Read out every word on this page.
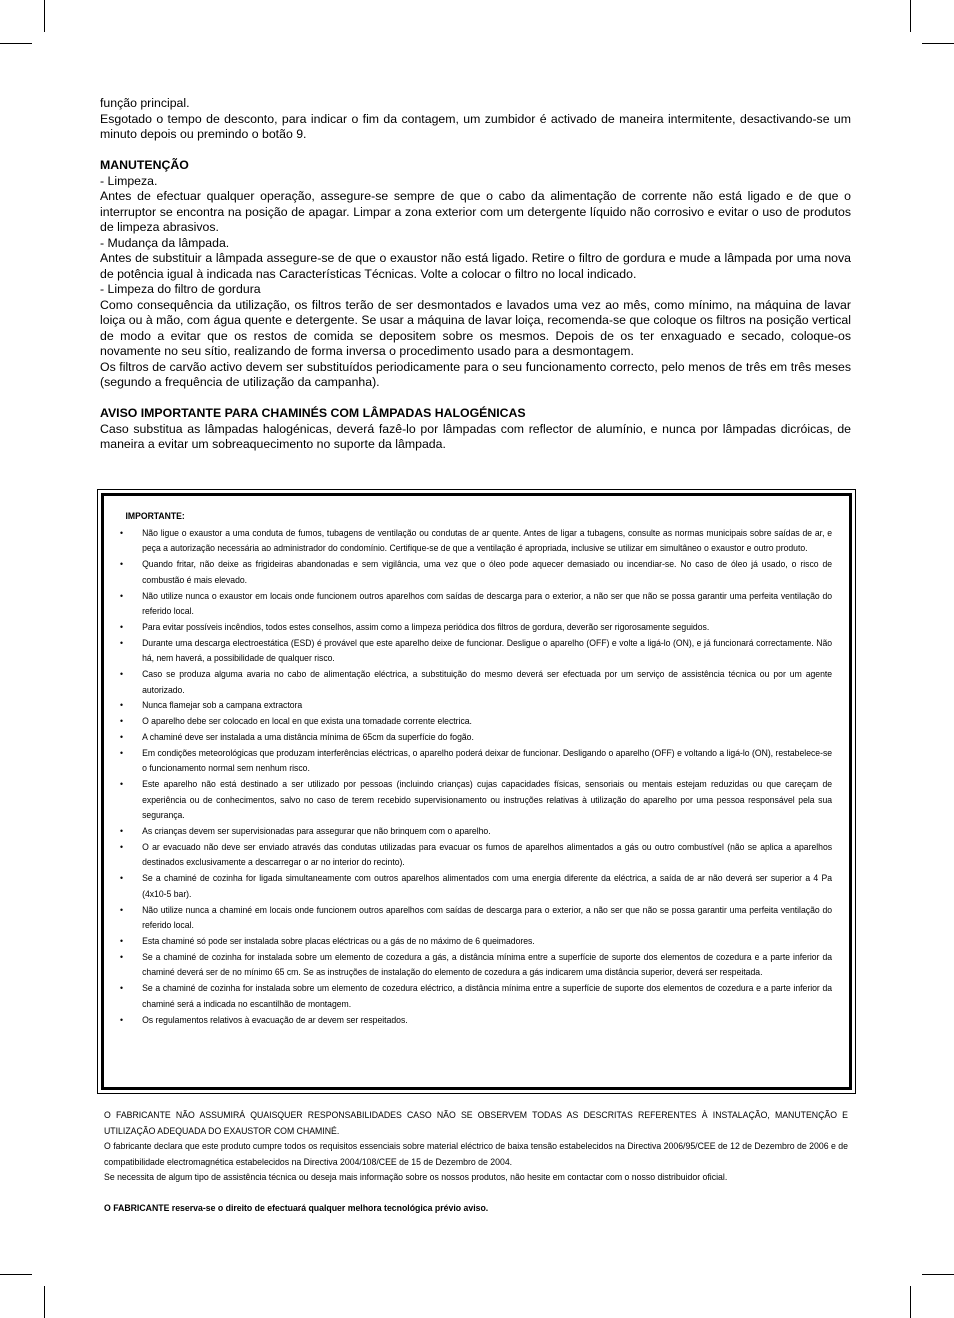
função principal.

Esgotado o tempo de desconto, para indicar o fim da contagem, um zumbidor é activado de maneira intermitente, desactivando-se um minuto depois ou premindo o botão 9.

MANUTENÇÃO

- Limpeza.

Antes de efectuar qualquer operação, assegure-se sempre de que o cabo da alimentação de corrente não está ligado e de que o interruptor se encontra na posição de apagar. Limpar a zona exterior com um detergente líquido não corrosivo e evitar o uso de produtos de limpeza abrasivos.

- Mudança da lâmpada.

Antes de substituir a lâmpada assegure-se de que o exaustor não está ligado. Retire o filtro de gordura e mude a lâmpada por uma nova de potência igual à indicada nas Características Técnicas. Volte a colocar o filtro no local indicado.

- Limpeza do filtro de gordura

Como consequência da utilização, os filtros terão de ser desmontados e lavados uma vez ao mês, como mínimo, na máquina de lavar loiça ou à mão, com água quente e detergente. Se usar a máquina de lavar loiça, recomenda-se que coloque os filtros na posição vertical de modo a evitar que os restos de comida se depositem sobre os mesmos. Depois de os ter enxaguado e secado, coloque-os novamente no seu sítio, realizando de forma inversa o procedimento usado para a desmontagem.

Os filtros de carvão activo devem ser substituídos periodicamente para o seu funcionamento correcto, pelo menos de três em três meses (segundo a frequência de utilização da campanha).

AVISO IMPORTANTE PARA CHAMINÉS COM LÂMPADAS HALOGÉNICAS

Caso substitua as lâmpadas halogénicas, deverá fazê-lo por lâmpadas com reflector de alumínio, e nunca por lâmpadas dicróicas, de maneira a evitar um sobreaquecimento no suporte da lâmpada.

IMPORTANTE:
• Não ligue o exaustor a uma conduta de fumos, tubagens de ventilação ou condutas de ar quente. Antes de ligar a tubagens, consulte as normas municipais sobre saídas de ar, e peça a autorização necessária ao administrador do condomínio. Certifique-se de que a ventilação é apropriada, inclusive se utilizar em simultâneo o exaustor e outro produto.
• Quando fritar, não deixe as frigideiras abandonadas e sem vigilância, uma vez que o óleo pode aquecer demasiado ou incendiar-se. No caso de óleo já usado, o risco de combustão é mais elevado.
• Não utilize nunca o exaustor em locais onde funcionem outros aparelhos com saídas de descarga para o exterior, a não ser que não se possa garantir uma perfeita ventilação do referido local.
• Para evitar possíveis incêndios, todos estes conselhos, assim como a limpeza periódica dos filtros de gordura, deverão ser rigorosamente seguidos.
• Durante uma descarga electroestática (ESD) é provável que este aparelho deixe de funcionar. Desligue o aparelho (OFF) e volte a ligá-lo (ON), e já funcionará correctamente. Não há, nem haverá, a possibilidade de qualquer risco.
• Caso se produza alguma avaria no cabo de alimentação eléctrica, a substituição do mesmo deverá ser efectuada por um serviço de assistência técnica ou por um agente autorizado.
• Nunca flamejar sob a campana extractora
• O aparelho debe ser colocado en local en que exista una tomadade corrente electrica.
• A chaminé deve ser instalada a uma distância mínima de 65cm da superfície do fogão.
• Em condições meteorológicas que produzam interferências eléctricas, o aparelho poderá deixar de funcionar. Desligando o aparelho (OFF) e voltando a ligá-lo (ON), restabelece-se o funcionamento normal sem nenhum risco.
• Este aparelho não está destinado a ser utilizado por pessoas (incluindo crianças) cujas capacidades físicas, sensoriais ou mentais estejam reduzidas ou que careçam de experiência ou de conhecimentos, salvo no caso de terem recebido supervisionamento ou instruções relativas à utilização do aparelho por uma pessoa responsável pela sua segurança.
• As crianças devem ser supervisionadas para assegurar que não brinquem com o aparelho.
• O ar evacuado não deve ser enviado através das condutas utilizadas para evacuar os fumos de aparelhos alimentados a gás ou outro combustível (não se aplica a aparelhos destinados exclusivamente a descarregar o ar no interior do recinto).
• Se a chaminé de cozinha for ligada simultaneamente com outros aparelhos alimentados com uma energia diferente da eléctrica, a saída de ar não deverá ser superior a 4 Pa (4x10-5 bar).
• Não utilize nunca a chaminé em locais onde funcionem outros aparelhos com saídas de descarga para o exterior, a não ser que não se possa garantir uma perfeita ventilação do referido local.
• Esta chaminé só pode ser instalada sobre placas eléctricas ou a gás de no máximo de 6 queimadores.
• Se a chaminé de cozinha for instalada sobre um elemento de cozedura a gás, a distância mínima entre a superfície de suporte dos elementos de cozedura e a parte inferior da chaminé deverá ser de no mínimo 65 cm. Se as instruções de instalação do elemento de cozedura a gás indicarem uma distância superior, deverá ser respeitada.
• Se a chaminé de cozinha for instalada sobre um elemento de cozedura eléctrico, a distância mínima entre a superfície de suporte dos elementos de cozedura e a parte inferior da chaminé será a indicada no escantilhão de montagem.
• Os regulamentos relativos à evacuação de ar devem ser respeitados.

O FABRICANTE NÃO ASSUMIRÁ QUAISQUER RESPONSABILIDADES CASO NÃO SE OBSERVEM TODAS AS DESCRITAS REFERENTES À INSTALAÇÃO, MANUTENÇÃO E UTILIZAÇÃO ADEQUADA DO EXAUSTOR COM CHAMINÉ.

O fabricante declara que este produto cumpre todos os requisitos essenciais sobre material eléctrico de baixa tensão estabelecidos na Directiva 2006/95/CEE de 12 de Dezembro de 2006 e de compatibilidade electromagnética estabelecidos na Directiva 2004/108/CEE de 15 de Dezembro de 2004.

Se necessita de algum tipo de assistência técnica ou deseja mais informação sobre os nossos produtos, não hesite em contactar com o nosso distribuidor oficial.

O FABRICANTE reserva-se o direito de efectuará qualquer melhora tecnológica prévio aviso.
